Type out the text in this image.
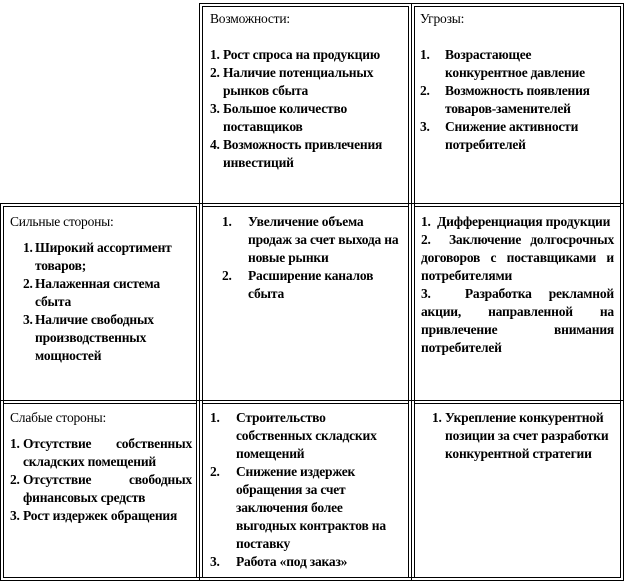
Возможности:
1. Рост спроса на продукцию
2. Наличие потенциальных рынков сбыта
3. Большое количество поставщиков
4. Возможность привлечения инвестиций
Угрозы:
1. Возрастающее конкурентное давление
2. Возможность появления товаров-заменителей
3. Снижение активности потребителей
Сильные стороны:
1. Широкий ассортимент товаров;
2. Налаженная система сбыта
3. Наличие свободных производственных мощностей
1. Увеличение объема продаж за счет выхода на новые рынки
2. Расширение каналов сбыта
1. Дифференциация продукции
2. Заключение долгосрочных договоров с поставщиками и потребителями
3.	Разработка рекламной акции, направленной на привлечение внимания потребителей
Слабые стороны:
1. Отсутствие собственных складских помещений
2. Отсутствие свободных финансовых средств
3. Рост издержек обращения
1. Строительство собственных складских помещений
2. Снижение издержек обращения за счет заключения более выгодных контрактов на поставку
3. Работа «под заказ»
1. Укрепление конкурентной позиции за счет разработки конкурентной стратегии
